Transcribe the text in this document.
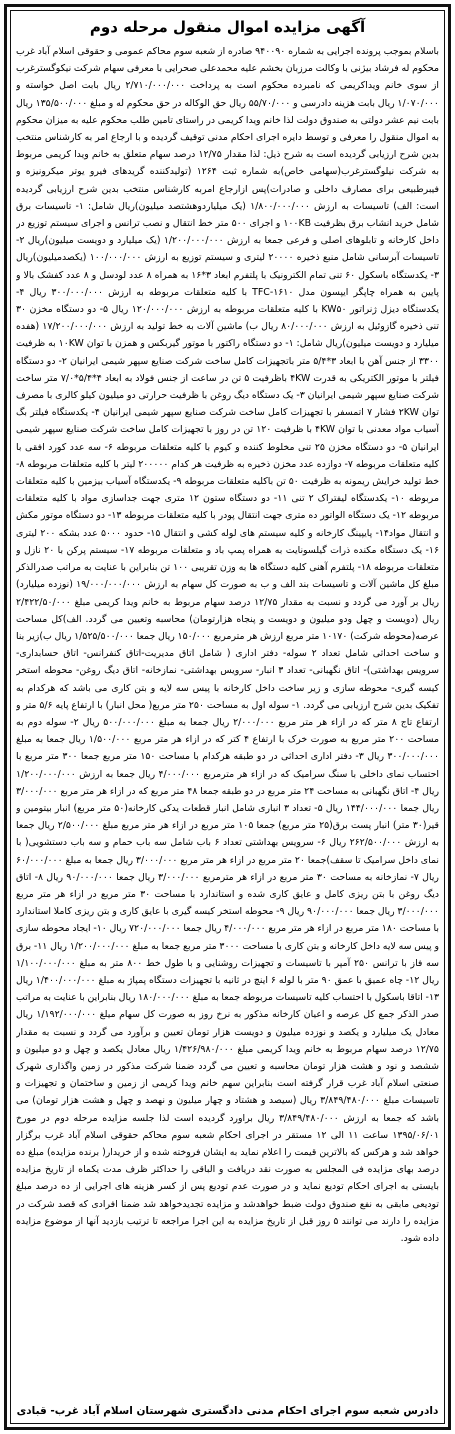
آگهی مزایده اموال منقول مرحله دوم
باسلام بموجب پرونده اجرایی به شماره ۹۴۰۰۹۰ صادره از شعبه سوم محاکم عمومی و حقوقی اسلام آباد غرب محکوم له فرشاد بیژنی با وکالت مرزبان بخشم علیه محمدعلی صحرایی با معرفی سهام شرکت نیکوگسترغرب از سوی خانم ویداکریمی که نامبرده محکوم است به پرداخت ۲/۷۱۰/۰۰۰/۰۰۰ ریال بابت اصل خواسته و ۱/۰۷۰/۰۰۰ ریال بابت هزینه دادرسی و ۵۵/۷۰/۰۰۰ ریال حق الوکاله در حق محکوم له و مبلغ ۱۳۵/۵۰۰/۰۰۰ ریال بابت نیم عشر دولتی به صندوق دولت لذا خانم ویدا کریمی در راستای تامین طلب محکوم علیه به میزان محکوم به اموال منقول را معرفی و توسط دایره اجرای احکام مدنی توقیف گردیده و با ارجاع امر به کارشناس منتخب بدین شرح ارزیابی گردیده است به شرح ذیل: لذا مقدار ۱۲/۷۵ درصد سهام متعلق به خانم ویدا کریمی مربوط به شرکت نیلوگسترغرب(سهامی خاص)به شماره ثبت ۱۲۶۴ (تولیدکننده گریدهای فیرو یوتر میکرونیزه و فیبرطبیعی برای مصارف داخلی و صادرات)پس ازارجاع امربه کارشناس منتخب بدین شرح ارزیابی گردیده است: الف) تاسیسات به ارزش ۱/۸۰۰/۰۰۰/۰۰۰ (یک میلیاردوهشتصد میلیون)ریال شامل: ۱- تاسیسات برق شامل خرید انشاب برق بظرفیت ۱۰۰KB و اجرای ۵۰۰ متر خط انتقال و نصب ترانس و اجرای سیستم توزیع در داخل کارخانه و تابلوهای اصلی و فرعی جمعا به ارزش ۱/۲۰۰/۰۰۰/۰۰۰ (یک میلیارد و دویست میلیون)ریال ۲- تاسیسات آبرسانی شامل منبع ذخیره ۲۰۰۰۰ لیتری و سیستم توزیع به ارزش ۱۰۰/۰۰۰/۰۰۰ (یکصدمیلیون)ریال ۳- یکدستگاه باسکول ۶۰ تنی تمام الکترونیک با پلتفرم ابعاد ۳*۱۶ به همراه ۸ عدد لودسل و ۸ عدد کفشک بالا و پایین به همراه چاپگر ایپسون مدل TFC-۱۶۱۰ با کلیه متعلقات مربوطه به ارزش ۳۰۰/۰۰۰/۰۰۰ ریال ۴- یکدستگاه دیزل ژنراتور KW۵۰ با کلیه متعلقات مربوطه به ارزش ۱۲۰/۰۰۰/۰۰۰ ریال ۵- دو دستگاه مخزن ۳۰ تنی ذخیره گازوئیل به ارزش ۸۰/۰۰۰/۰۰۰ ریال ب) ماشین آلات به خط تولید به ارزش ۱۷/۲۰۰/۰۰۰/۰۰۰ (هفده میلیارد و دویست میلیون)ریال شامل: ۱- دو دستگاه راکتور با موتور گیربکس و همزن با توان ۱۰KW به ظرفیت ۳۳۰۰ از جنس آهن با ابعاد ۳*۵/۴ متر باتجهیزات کامل ساخت شرکت صنایع سپهر شیمی ایرانیان ۲- دو دستگاه فیلتر با موتور الکتریکی به قدرت ۴KW باظرفیت ۵ تن در ساعت از جنس فولاد به ابعاد ۴*۵/۴*۷/۰ متر ساخت شرکت صنایع سپهر شیمی ایرانیان ۳- یک دستگاه دیگ روغن با ظرفیت حرارتی دو میلیون کیلو کالری با مصرف توان ۲KW فشار ۷ اتمسفر با تجهیزات کامل ساخت شرکت صنایع سپهر شیمی ایرانیان ۴- یکدستگاه فیلتر بگ آسیاب مواد معدنی با توان ۴KW با ظرفیت ۱۲۰ تن در روز با تجهیزات کامل ساخت شرکت صنایع سپهر شیمی ایرانیان ۵- دو دستگاه مخزن ۲۵ تنی مخلوط کننده و کیوم با کلیه متعلقات مربوطه ۶- سه عدد کورد افقی با کلیه متعلقات مربوطه ۷- دوازده عدد مخزن ذخیره به ظرفیت هر کدام ۲۰۰۰۰۰ لیتر با کلیه متعلقات مربوطه ۸- خط تولید خرایش ریمونه به ظرفیت ۵۰ تن باکلیه متعلقات مربوطه ۹- یکدستگاه آسیاب بیزمین با کلیه متعلقات مربوطه ۱۰- یکدستگاه لیفتراک ۲ تنی ۱۱- دو دستگاه ستون ۱۲ متری جهت جداسازی مواد با کلیه متعلقات مربوطه ۱۲- یک دستگاه الواتور ده متری جهت انتقال پودر با کلیه متعلقات مربوطه ۱۳- دو دستگاه موتور مکش و انتقال مواد۱۴- پایپینگ کارخانه و کلیه سیستم های لوله کشی و انتقال ۱۵- حدود ۵۰۰۰ عدد بشکه ۲۰۰ لیتری ۱۶- یک دستگاه مکنده ذرات گیلسونایت به همراه پمپ باد و متعلقات مربوطه ۱۷- سیستم پرکن با ۲۰ نازل و متعلقات مربوطه ۱۸- پلتفرم آهنی کلیه دستگاه ها به وزن تقریبی ۱۰۰ تن بنابراین با عنایت به مراتب صدرالذکر مبلغ کل ماشین آلات و تاسیسات بند الف و ب به صورت کل سهام به ارزش ۱۹/۰۰۰/۰۰۰/۰۰۰ (نوزده میلیارد) ریال بر آورد می گردد و نسبت به مقدار ۱۲/۷۵ درصد سهام مربوط به خانم ویدا کریمی مبلغ ۲/۴۲۲/۵۰/۰۰۰ ریال (دویست و چهل ودو میلیون و دویست و پنجاه هزارتومان) محاسبه وتعیین می گردد. الف)کل مساحت عرصه(محوطه شرکت) ۱۰۱۷۰ متر مربع ارزش هر مترمربع ۱۵۰/۰۰۰ ریال جمعا ۱/۵۲۵/۵۰۰/۰۰۰ ریال ب)زیر بنا و ساخت احداثی شامل تعداد ۲ سوله- دفتر اداری ( شامل اتاق مدیریت-اتاق کنفرانس- اتاق حسابداری- سرویس بهداشتی)- اتاق نگهبانی- تعداد ۳ انبار- سرویس بهداشتی- نمازخانه- اتاق دیگ روغن- محوطه استخر کیسه گیری- محوطه سازی و زیر ساخت داخل کارخانه با پیس سه لایه و بتن کاری می باشد که هرکدام به تفکیک بدین شرح ارزیابی می گردد. ۱- سوله اول به مساحت ۲۵۰ متر مربع( محل انبار) با ارتفاع پایه ۵/۶ متر و ارتفاع تاج ۸ متر که در ازاء هر متر مربع ۲/۰۰۰/۰۰۰ ریال جمعا به مبلغ ۵۰۰/۰۰۰/۰۰۰ ریال ۲- سوله دوم به مساحت ۲۰۰ متر مربع به صورت خرک با ارتفاع ۴ کتر که در ازاء هر متر مربع ۱/۵۰۰/۰۰۰ ریال جمعا به مبلغ ۳۰۰/۰۰۰/۰۰۰ ریال ۳- دفتر اداری احداثی در دو طبقه هرکدام با مساحت ۱۵۰ متر مربع جمعا ۳۰۰ متر مربع با احتساب نمای داخلی با سنگ سرامیک که در ازاء هر مترمربع ۴/۰۰۰/۰۰۰ ریال جمعا به ارزش ۱/۲۰۰/۰۰۰/۰۰۰ ریال ۴- اتاق نگهبانی به مساحت ۲۴ متر مربع در دو طبقه جمعا ۴۸ متر مربع که در ازاء هر متر مربع ۳/۰۰۰/۰۰۰ ریال جمعا ۱۴۴/۰۰۰/۰۰۰ ریال ۵- تعداد ۳ انباری شامل انبار قطعات یدکی کارخانه(۵۰ متر مربع) انبار بیتومین و قیر(۳۰ متر) انبار پست برق(۲۵ متر مربع) جمعا ۱۰۵ متر مربع در ازاء هر متر مربع مبلغ ۲/۵۰۰/۰۰۰ ریال جمعا به ارزش ۲۶۲/۵۰۰/۰۰۰ ریال ۶- سرویس بهداشتی تعداد ۶ باب شامل سه باب حمام و سه باب دستشویی( با نمای داخل سرامیک تا سقف)جمعا ۲۰ متر مربع در ازاء هر متر مربع ۳/۰۰۰/۰۰۰ ریال جمعا به مبلغ ۶۰/۰۰۰/۰۰۰ ریال ۷- نمازخانه به مساحت ۳۰ متر مربع در ازاء هر مترمربع ۳/۰۰۰/۰۰۰ ریال جمعا ۹۰/۰۰۰/۰۰۰ ریال ۸- اتاق دیگ روغن با بتن ریزی کامل و عایق کاری شده و استاندارد با مساحت ۳۰ متر مربع در ازاء هر متر مربع ۳/۰۰۰/۰۰۰ ریال جمعا ۹۰/۰۰۰/۰۰۰ ریال ۹- محوطه استخر کیسه گیری با عایق کاری و بتن ریزی کاملا استاندارد با مساحت ۱۸۰ متر مربع در ازاء هر متر مربع ۴/۰۰۰/۰۰۰ ریال جمعا ۷۲۰/۰۰۰/۰۰۰ ریال ۱۰- ایجاد محوطه سازی و پیس سه لایه داخل کارخانه و بتن کاری با مساحت ۳۰۰۰ متر مربع جمعا به مبلغ ۱/۲۰۰/۰۰۰/۰۰۰ ریال ۱۱- برق سه فاز با ترانس ۲۵۰ آمپر با تاسیسات و تجهیزات روشنایی و با طول خط ۸۰۰ متر به مبلغ ۱/۱۰۰/۰۰۰/۰۰۰ ریال ۱۲- چاه عمیق با عمق ۹۰ متر با لوله ۶ اینچ در ثانیه با تجهیزات دستگاه پمپاژ به مبلغ ۱/۴۰۰/۰۰۰/۰۰۰ ریال ۱۳- اتاقا باسکول با احتساب کلیه تاسیسات مربوطه جمعا به مبلغ ۱۸۰/۰۰۰/۰۰۰ ریال بنابراین با عنایت به مراتب صدر الذکر جمع کل عرصه و اعیان کارخانه مذکور به نرخ روز به صورت کل سهام میلغ ۱/۱۹۲/۰۰۰/۰۰۰ ریال معادل یک میلیارد و یکصد و نوزده میلیون و دویست هزار تومان تعیین و برآورد می گردد و نسبت به مقدار ۱۲/۷۵ درصد سهام مربوط به خانم ویدا کریمی مبلغ ۱/۴۲۶/۹۸۰/۰۰۰ ریال معادل یکصد و چهل و دو میلیون و ششصد و نود و هشت هزار تومان محاسبه و تعیین می گردد ضمنا شرکت مذکور در زمین واگذاری شهرک صنعتی اسلام آباد غرب قرار گرفته است بنابراین سهم خانم ویدا کریمی از زمین و ساختمان و تجهیزات و تاسیسات مبلغ ۳/۸۴۹/۴۸۰/۰۰۰ ریال (سیصد و هشتاد و چهار میلیون و نهصد و چهل و هشت هزار تومان) می باشد که جمعا به ارزش ۳/۸۴۹/۴۸۰/۰۰۰ ریال براورد گردیده است لذا جلسه مزایده مرحله دوم در مورخ ۱۳۹۵/۰۶/۰۱ ساعت ۱۱ الی ۱۲ مستقر در اجرای احکام شعبه سوم محاکم حقوقی اسلام آباد غرب برگزار خواهد شد و هرکس که بالاترین قیمت را اعلام نماید به ایشان فروخته شده و از خریدار( برنده مزایده) مبلغ ده درصد بهای مزایده فی المجلس به صورت نقد دریافت و الباقی را حداکثر ظرف مدت یکماه از تاریخ مزایده بایستی به اجرای احکام تودیع نماید و در صورت عدم تودیع پس از کسر هزینه های اجرایی از ده درصد مبلغ تودیعی مابقی به نفع صندوق دولت ضبط خواهدشد و مزایده تجدیدخواهد شد ضمنا افرادی که قصد شرکت در مزایده را دارند می توانند ۵ روز قبل از تاریخ مزایده به این اجرا مراجعه تا ترتیب بازدید آنها از موضوع مزایده داده شود.
دادرس شعبه سوم اجرای احکام مدنی دادگستری شهرستان اسلام آباد غرب- قبادی
